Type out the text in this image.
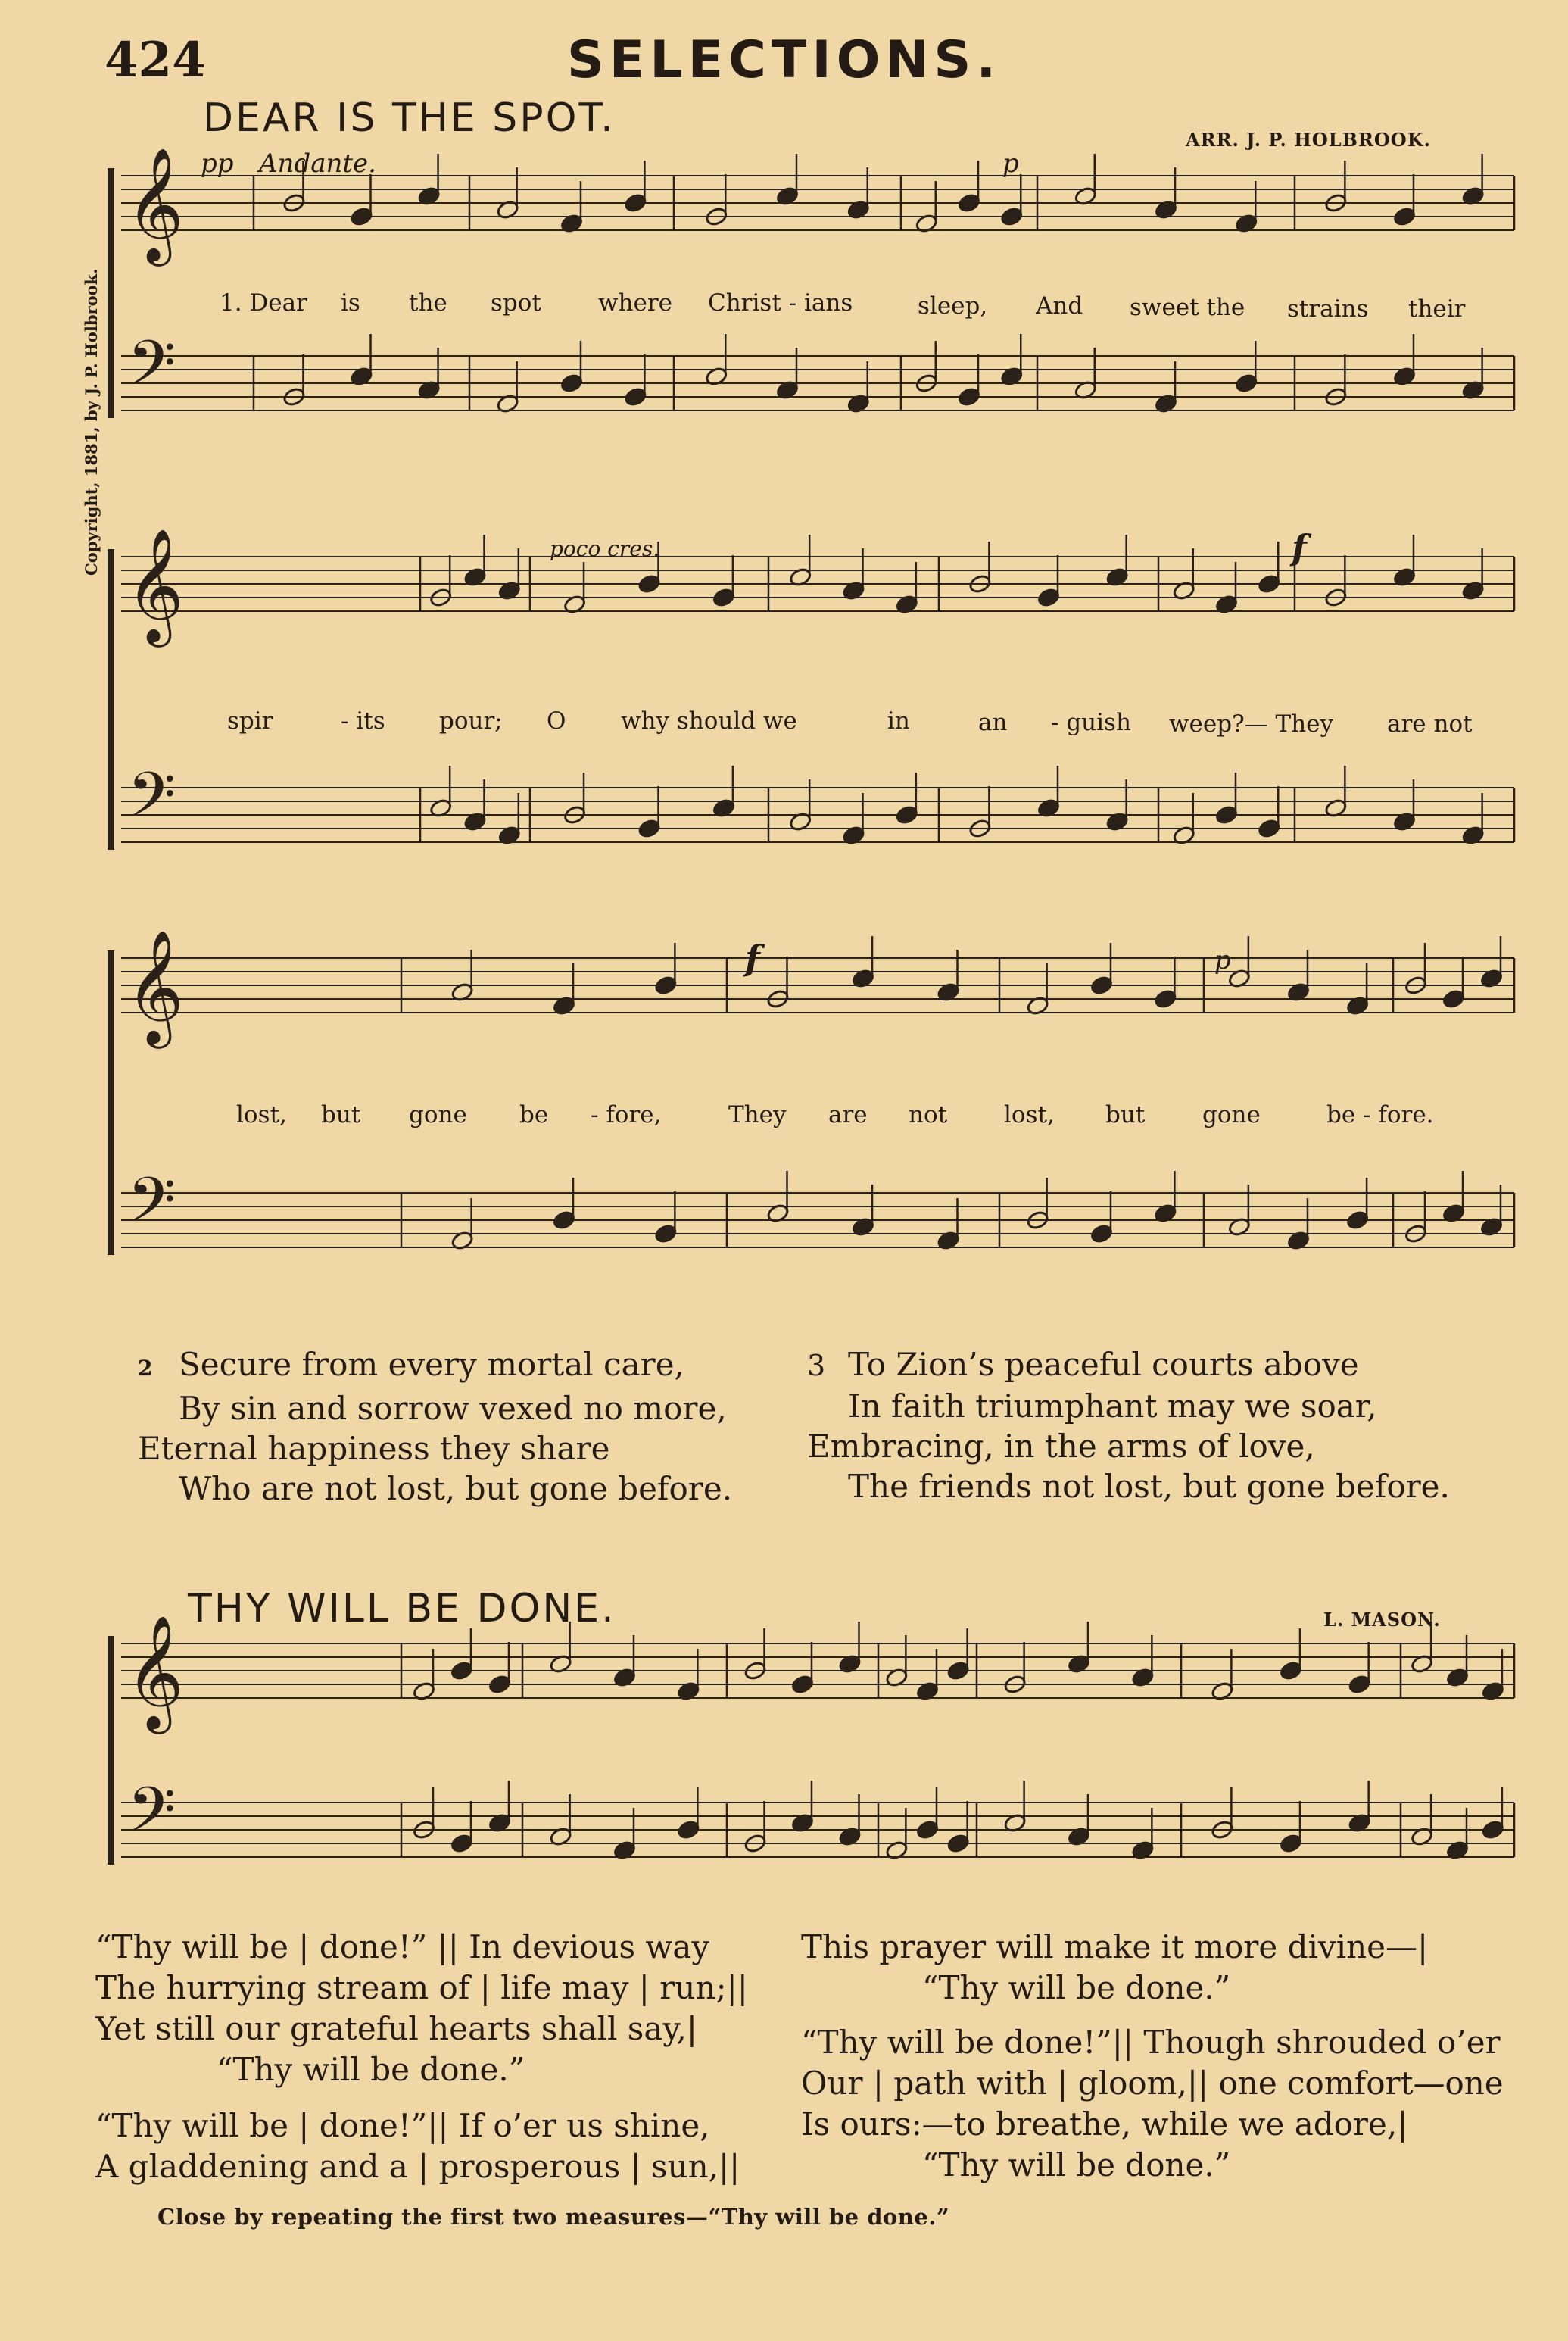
424	SELECTIONS.
DEAR IS THE SPOT.	ARR. J. P. HOLBROOK.
Copyright, 1881, by J. P. Holbrook.
pp Andante.	p
poco cres.	f
f	p
1. Dear is the spot where Christ - ians	sleep, And sweet the strains their
spir	- its pour; O why should we	in	an - guish weep?— They are not
lost, but gone be - fore,	They are not lost, but gone	be - fore.
2 Secure from every mortal care,
By sin and sorrow vexed no more,
Eternal happiness they share
Who are not lost, but gone before.
3 To Zion’s peaceful courts above
In faith triumphant may we soar,
Embracing, in the arms of love,
The friends not lost, but gone before.
THY WILL BE DONE.	L. MASON.
“Thy will be | done!” || In devious way
The hurrying stream of | life may | run;||
Yet still our grateful hearts shall say,|
“Thy will be done.”
“Thy will be | done!”|| If o’er us shine,
A gladdening and a | prosperous | sun,||
This prayer will make it more divine—|
“Thy will be done.”
“Thy will be done!”|| Though shrouded o’er
Our | path with | gloom,|| one comfort—one
Is ours:—to breathe, while we adore,|
“Thy will be done.”
Close by repeating the first two measures—“Thy will be done.”
𝄞
𝄢
𝄞
𝄢
𝄞
𝄢
𝄞
𝄢
